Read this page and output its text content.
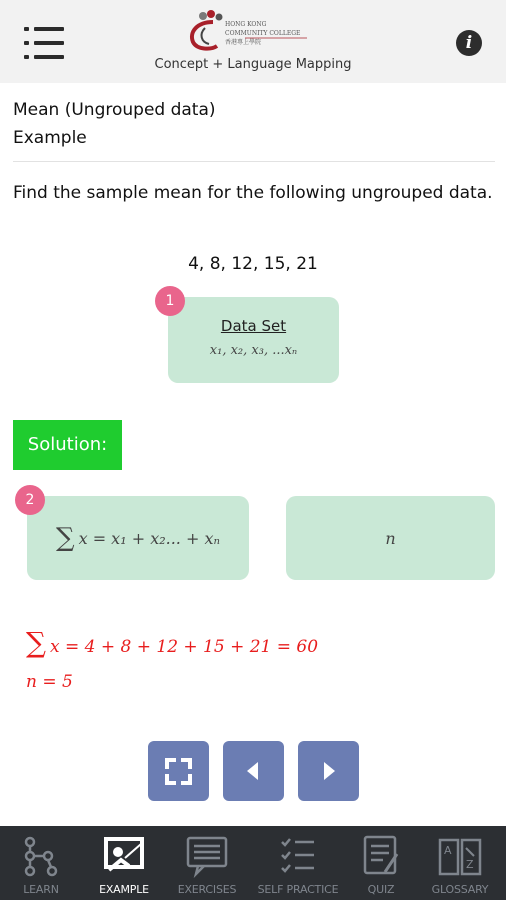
HONG KONG
COMMUNITY COLLEGE
香港專上學院
Concept + Language Mapping
i
Mean (Ungrouped data)
Example
Find the sample mean for the following ungrouped data.
4, 8, 12, 15, 21
Data Set
x₁, x₂, x₃, ...xₙ
1
Solution:
∑ x = x₁ + x₂... + xₙ
2
n
∑ x = 4 + 8 + 12 + 15 + 21 = 60
n = 5
LEARN	EXAMPLE	EXERCISES	SELF PRACTICE	QUIZ
A
Z
GLOSSARY
